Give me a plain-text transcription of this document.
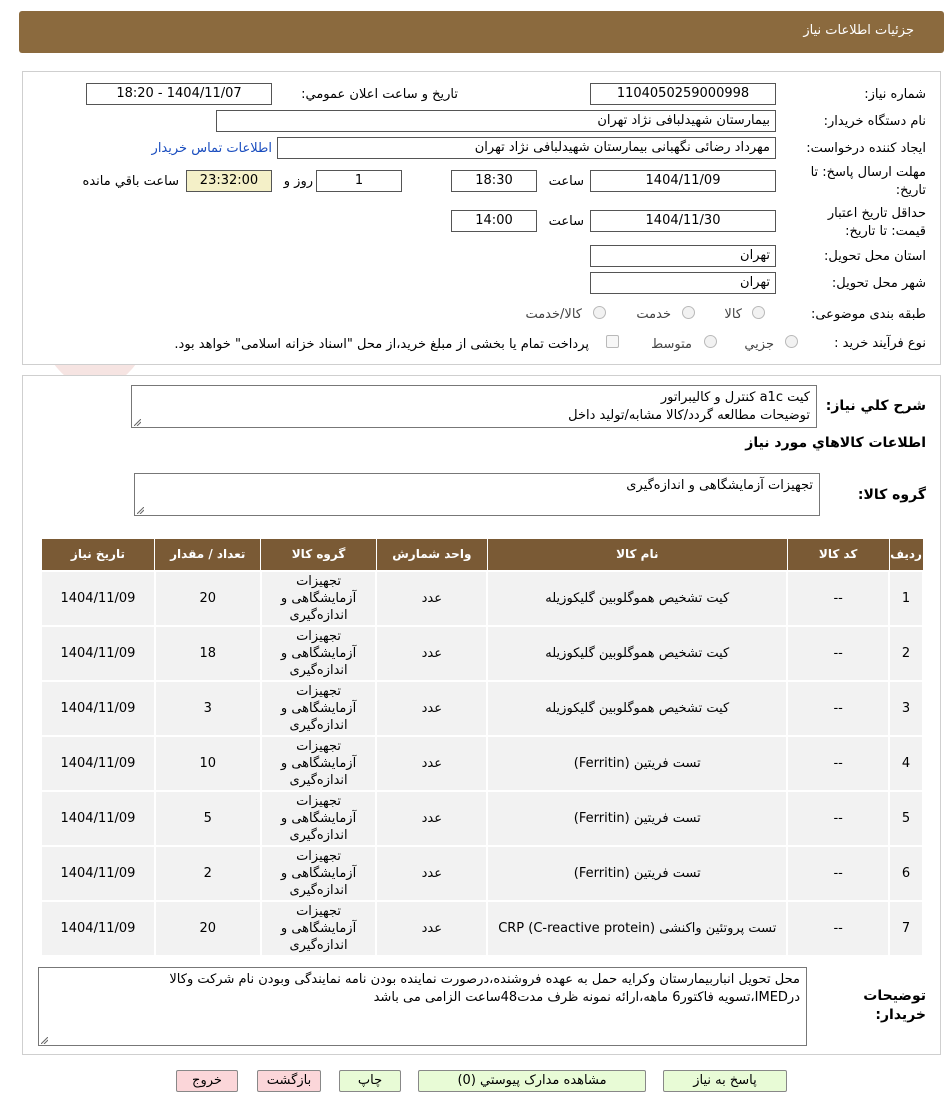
جزئیات اطلاعات نیاز
شماره نیاز:
1104050259000998
تاریخ و ساعت اعلان عمومي:
1404/11/07 - 18:20
نام دستگاه خريدار:
بیمارستان شهیدلبافی نژاد تهران
ایجاد کننده درخواست:
مهرداد رضائی نگهبانی بیمارستان شهیدلبافی نژاد تهران
اطلاعات تماس خریدار
مهلت ارسال پاسخ: تا
تاریخ:
1404/11/09
ساعت
18:30
1
روز و
23:32:00
ساعت باقي مانده
حداقل تاریخ اعتبار
قیمت: تا تاریخ:
1404/11/30
ساعت
14:00
استان محل تحویل:
تهران
شهر محل تحویل:
تهران
طبقه بندی موضوعی:
کالا
خدمت
کالا/خدمت
نوع فرآیند خرید :
جزیي
متوسط
پرداخت تمام یا بخشی از مبلغ خرید،از محل "اسناد خزانه اسلامی" خواهد بود.
شرح کلي نياز:
کیت a1c کنترل و کالیبراتور
توضیحات مطالعه گردد/کالا مشابه/تولید داخل
اطلاعات کالاهاي مورد نياز
گروه کالا:
تجهیزات آزمایشگاهی و اندازه‌گیری
ردیف	کد کالا	نام کالا	واحد شمارش	گروه کالا	تعداد / مقدار	تاریخ نیاز
1	--	کیت تشخیص هموگلوبین گلیکوزیله	عدد	تجهیزات
آزمایشگاهی و
اندازه‌گیری	20	1404/11/09
2	--	کیت تشخیص هموگلوبین گلیکوزیله	عدد	تجهیزات
آزمایشگاهی و
اندازه‌گیری	18	1404/11/09
3	--	کیت تشخیص هموگلوبین گلیکوزیله	عدد	تجهیزات
آزمایشگاهی و
اندازه‌گیری	3	1404/11/09
4	--	تست فریتین (Ferritin)	عدد	تجهیزات
آزمایشگاهی و
اندازه‌گیری	10	1404/11/09
5	--	تست فریتین (Ferritin)	عدد	تجهیزات
آزمایشگاهی و
اندازه‌گیری	5	1404/11/09
6	--	تست فریتین (Ferritin)	عدد	تجهیزات
آزمایشگاهی و
اندازه‌گیری	2	1404/11/09
7	--	تست پروتئین واکنشی (CRP (C-reactive protein	عدد	تجهیزات
آزمایشگاهی و
اندازه‌گیری	20	1404/11/09
توضیحات
خریدار:
محل تحویل انباربیمارستان وکرایه حمل به عهده فروشنده،درصورت نماینده بودن نامه نمایندگی وبودن نام شرکت وکالا
درIMED،تسویه فاکتور6 ماهه،ارائه نمونه ظرف مدت48ساعت الزامی می باشد
پاسخ به نیاز
مشاهده مدارک پیوستي (0)
چاپ
بازگشت
خروج
